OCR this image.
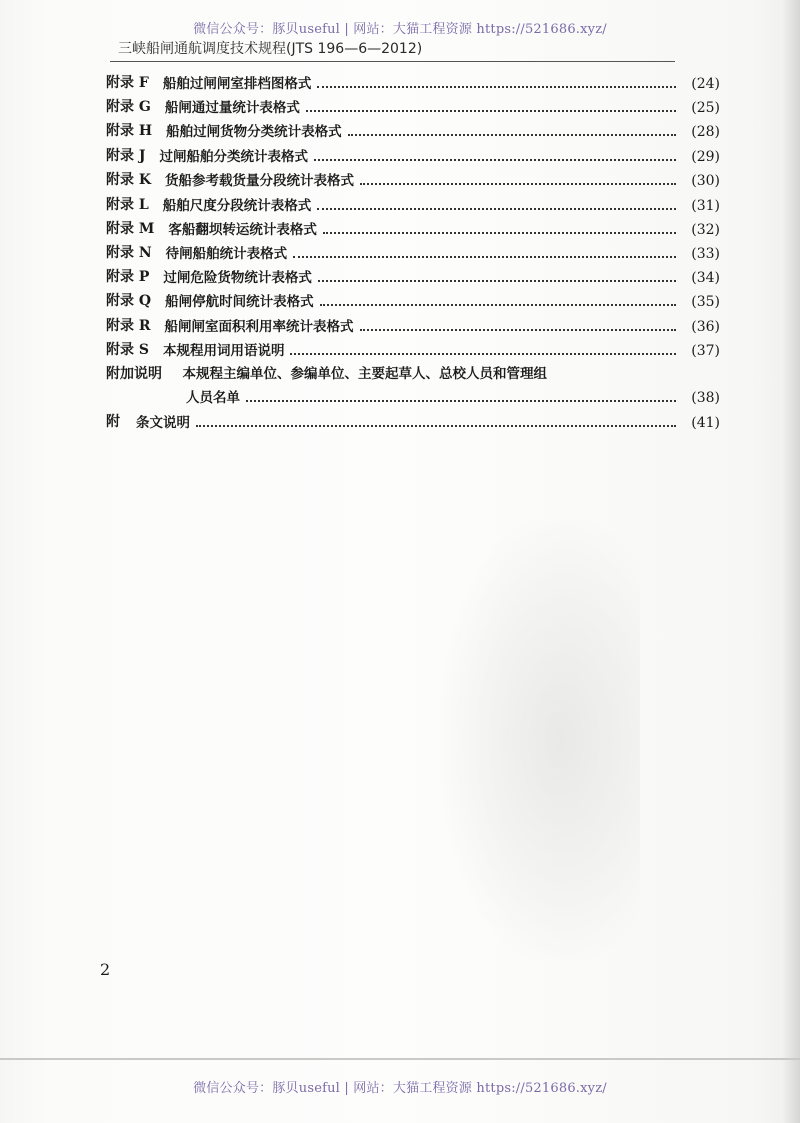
微信公众号：豚贝useful | 网站：大猫工程资源 https://521686.xyz/
三峡船闸通航调度技术规程(JTS 196—6—2012)
附录 F 船舶过闸闸室排档图格式	(24)
附录 G 船闸通过量统计表格式	(25)
附录 H 船舶过闸货物分类统计表格式	(28)
附录 J 过闸船舶分类统计表格式	(29)
附录 K 货船参考载货量分段统计表格式	(30)
附录 L 船舶尺度分段统计表格式	(31)
附录 M 客船翻坝转运统计表格式	(32)
附录 N 待闸船舶统计表格式	(33)
附录 P 过闸危险货物统计表格式	(34)
附录 Q 船闸停航时间统计表格式	(35)
附录 R 船闸闸室面积利用率统计表格式	(36)
附录 S 本规程用词用语说明	(37)
附加说明 本规程主编单位、参编单位、主要起草人、总校人员和管理组
人员名单	(38)
附 条文说明	(41)
2
微信公众号：豚贝useful | 网站：大猫工程资源 https://521686.xyz/
